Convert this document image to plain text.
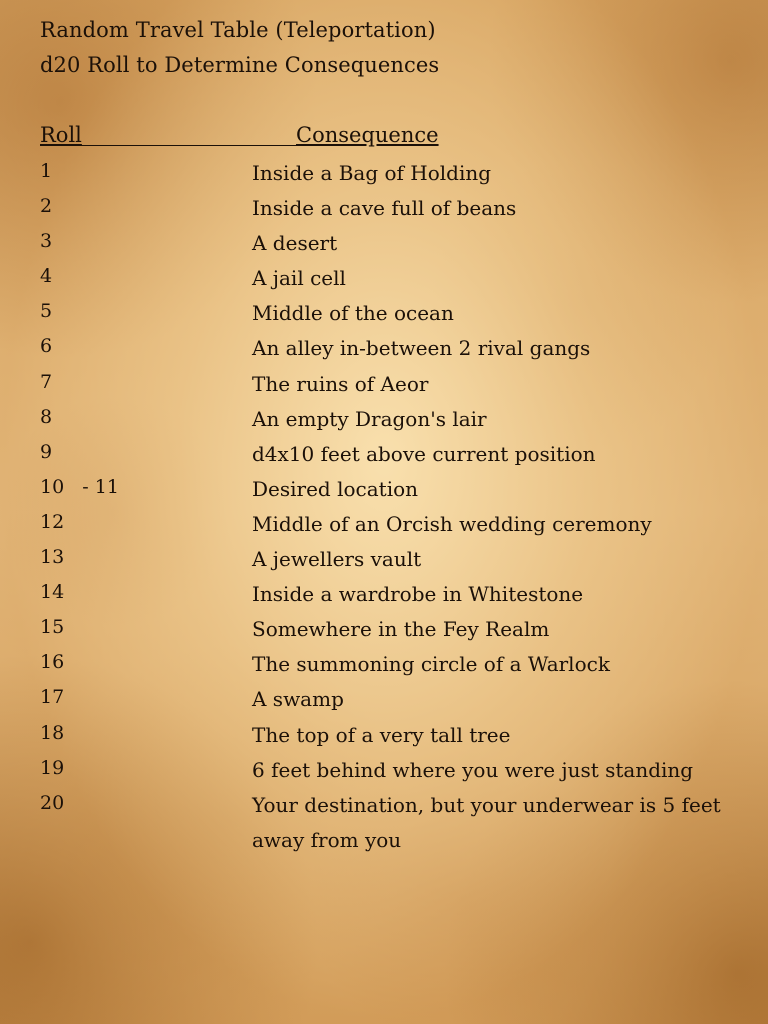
Random Travel Table (Teleportation)
d20 Roll to Determine Consequences
Roll	Consequence
1	Inside a Bag of Holding
2	Inside a cave full of beans
3	A desert
4	A jail cell
5	Middle of the ocean
6	An alley in-between 2 rival gangs
7	The ruins of Aeor
8	An empty Dragon's lair
9	d4x10 feet above current position
10   - 11	Desired location
12	Middle of an Orcish wedding ceremony
13	A jewellers vault
14	Inside a wardrobe in Whitestone
15	Somewhere in the Fey Realm
16	The summoning circle of a Warlock
17	A swamp
18	The top of a very tall tree
19	6 feet behind where you were just standing
20	Your destination, but your underwear is 5 feet away from you
